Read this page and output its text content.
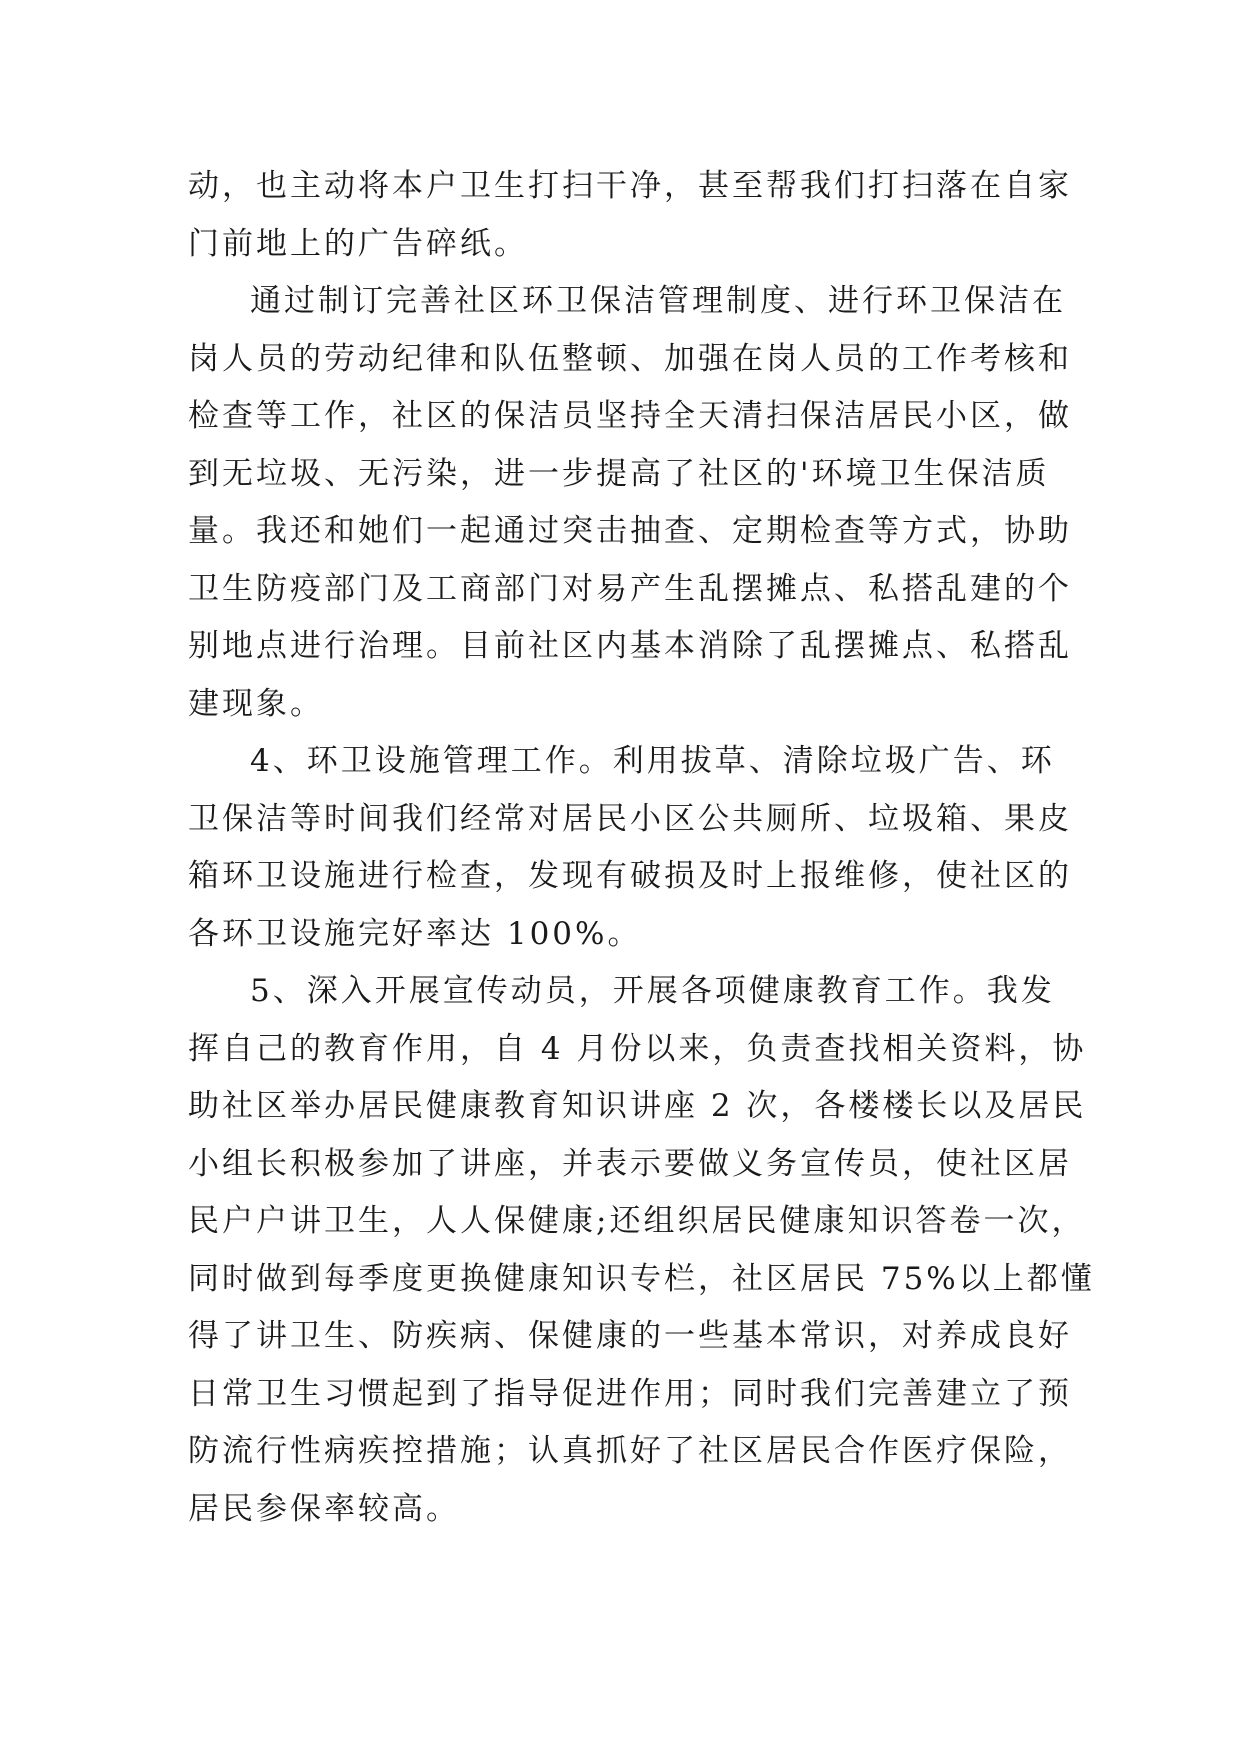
动，也主动将本户卫生打扫干净，甚至帮我们打扫落在自家
门前地上的广告碎纸。
通过制订完善社区环卫保洁管理制度、进行环卫保洁在
岗人员的劳动纪律和队伍整顿、加强在岗人员的工作考核和
检查等工作，社区的保洁员坚持全天清扫保洁居民小区，做
到无垃圾、无污染，进一步提高了社区的'环境卫生保洁质
量。我还和她们一起通过突击抽查、定期检查等方式，协助
卫生防疫部门及工商部门对易产生乱摆摊点、私搭乱建的个
别地点进行治理。目前社区内基本消除了乱摆摊点、私搭乱
建现象。
4、环卫设施管理工作。利用拔草、清除垃圾广告、环
卫保洁等时间我们经常对居民小区公共厕所、垃圾箱、果皮
箱环卫设施进行检查，发现有破损及时上报维修，使社区的
各环卫设施完好率达 100%。
5、深入开展宣传动员，开展各项健康教育工作。我发
挥自己的教育作用，自 4 月份以来，负责查找相关资料，协
助社区举办居民健康教育知识讲座 2 次，各楼楼长以及居民
小组长积极参加了讲座，并表示要做义务宣传员，使社区居
民户户讲卫生，人人保健康;还组织居民健康知识答卷一次，
同时做到每季度更换健康知识专栏，社区居民 75%以上都懂
得了讲卫生、防疾病、保健康的一些基本常识，对养成良好
日常卫生习惯起到了指导促进作用；同时我们完善建立了预
防流行性病疾控措施；认真抓好了社区居民合作医疗保险，
居民参保率较高。
